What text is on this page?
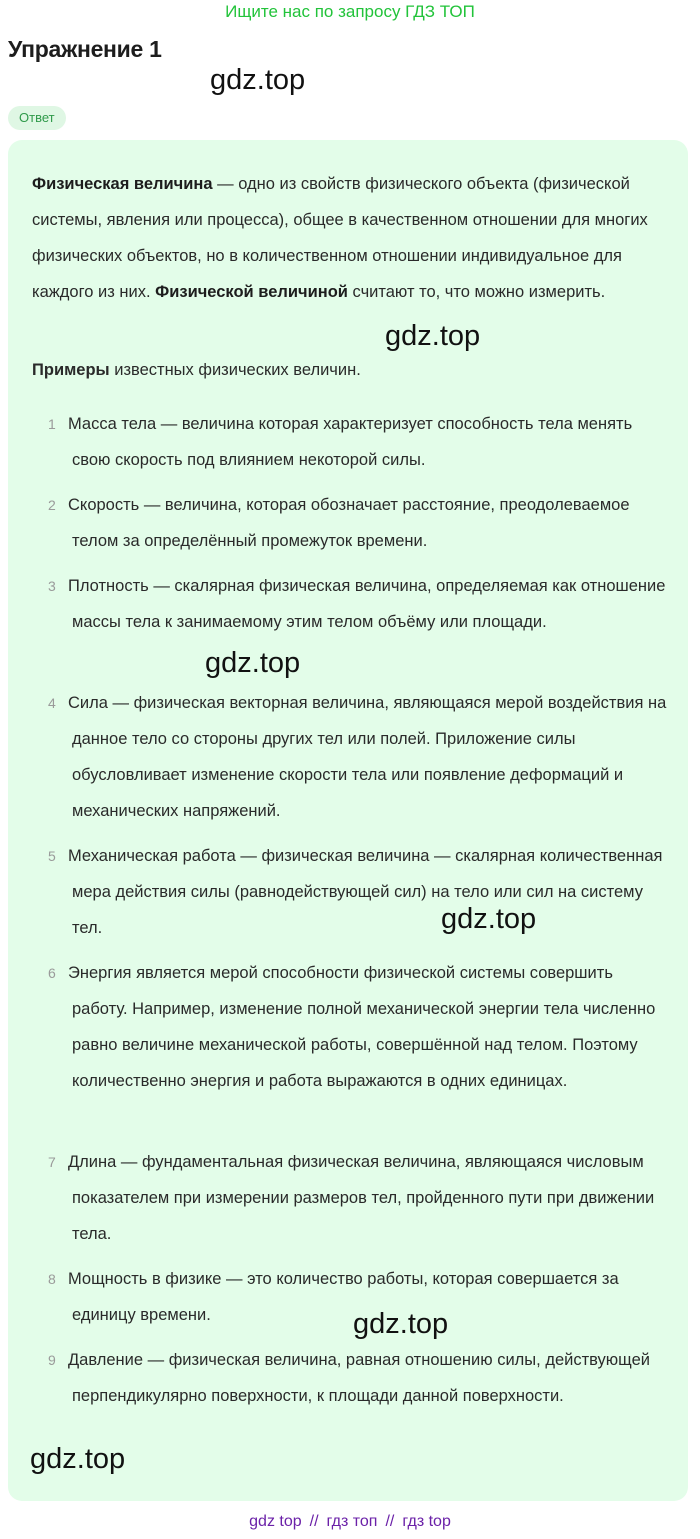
Ищите нас по запросу ГДЗ ТОП
Упражнение 1
gdz.top
Ответ
Физическая величина — одно из свойств физического объекта (физической системы, явления или процесса), общее в качественном отношении для многих физических объектов, но в количественном отношении индивидуальное для каждого из них. Физической величиной считают то, что можно измерить.
gdz.top
Примеры известных физических величин.
1 Масса тела — величина которая характеризует способность тела менять свою скорость под влиянием некоторой силы.
2 Скорость — величина, которая обозначает расстояние, преодолеваемое телом за определённый промежуток времени.
3 Плотность — скалярная физическая величина, определяемая как отношение массы тела к занимаемому этим телом объёму или площади.
gdz.top
4 Сила — физическая векторная величина, являющаяся мерой воздействия на данное тело со стороны других тел или полей. Приложение силы обусловливает изменение скорости тела или появление деформаций и механических напряжений.
5 Механическая работа — физическая величина — скалярная количественная мера действия силы (равнодействующей сил) на тело или сил на систему тел.	gdz.top
6 Энергия является мерой способности физической системы совершить работу. Например, изменение полной механической энергии тела численно равно величине механической работы, совершённой над телом. Поэтому количественно энергия и работа выражаются в одних единицах.
7 Длина — фундаментальная физическая величина, являющаяся числовым показателем при измерении размеров тел, пройденного пути при движении тела.
8 Мощность в физике — это количество работы, которая совершается за единицу времени.	gdz.top
9 Давление — физическая величина, равная отношению силы, действующей перпендикулярно поверхности, к площади данной поверхности.
gdz.top
gdz top // гдз топ // гдз top
